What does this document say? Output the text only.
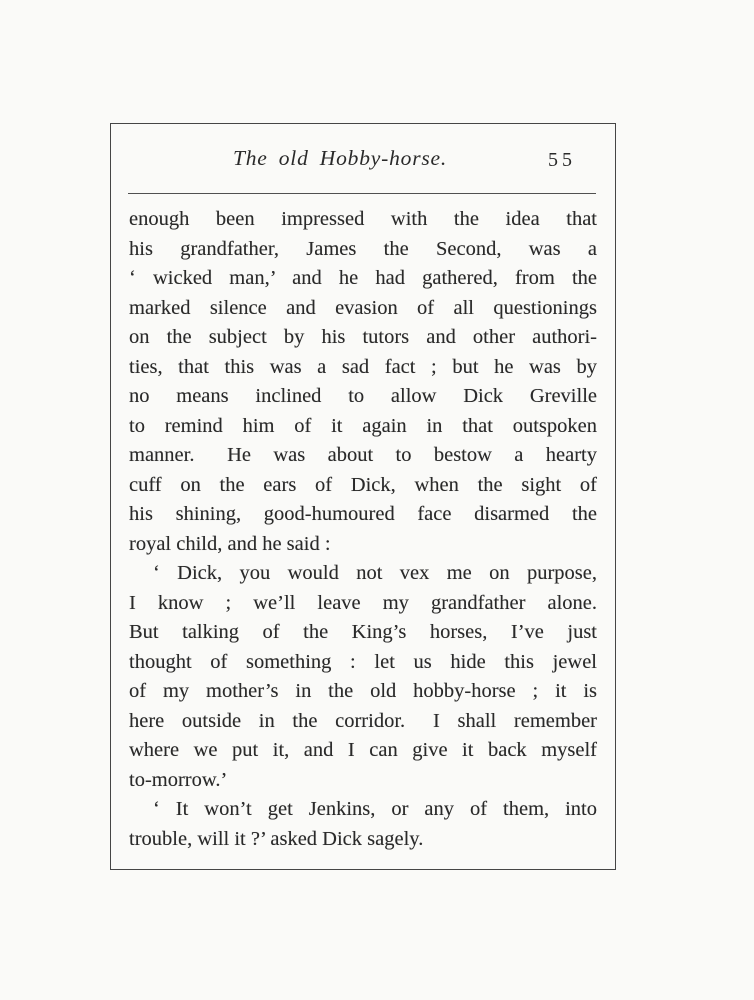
The old Hobby-horse.	55
enough been impressed with the idea that
his grandfather, James the Second, was a
‘ wicked man,’ and he had gathered, from the
marked silence and evasion of all questionings
on the subject by his tutors and other authori-
ties, that this was a sad fact ; but he was by
no means inclined to allow Dick Greville
to remind him of it again in that outspoken
manner.  He was about to bestow a hearty
cuff on the ears of Dick, when the sight of
his shining, good-humoured face disarmed the
royal child, and he said :
‘ Dick, you would not vex me on purpose,
I know ; we’ll leave my grandfather alone.
But talking of the King’s horses, I’ve just
thought of something : let us hide this jewel
of my mother’s in the old hobby-horse ; it is
here outside in the corridor.  I shall remember
where we put it, and I can give it back myself
to-morrow.’
‘ It won’t get Jenkins, or any of them, into
trouble, will it ?’ asked Dick sagely.
